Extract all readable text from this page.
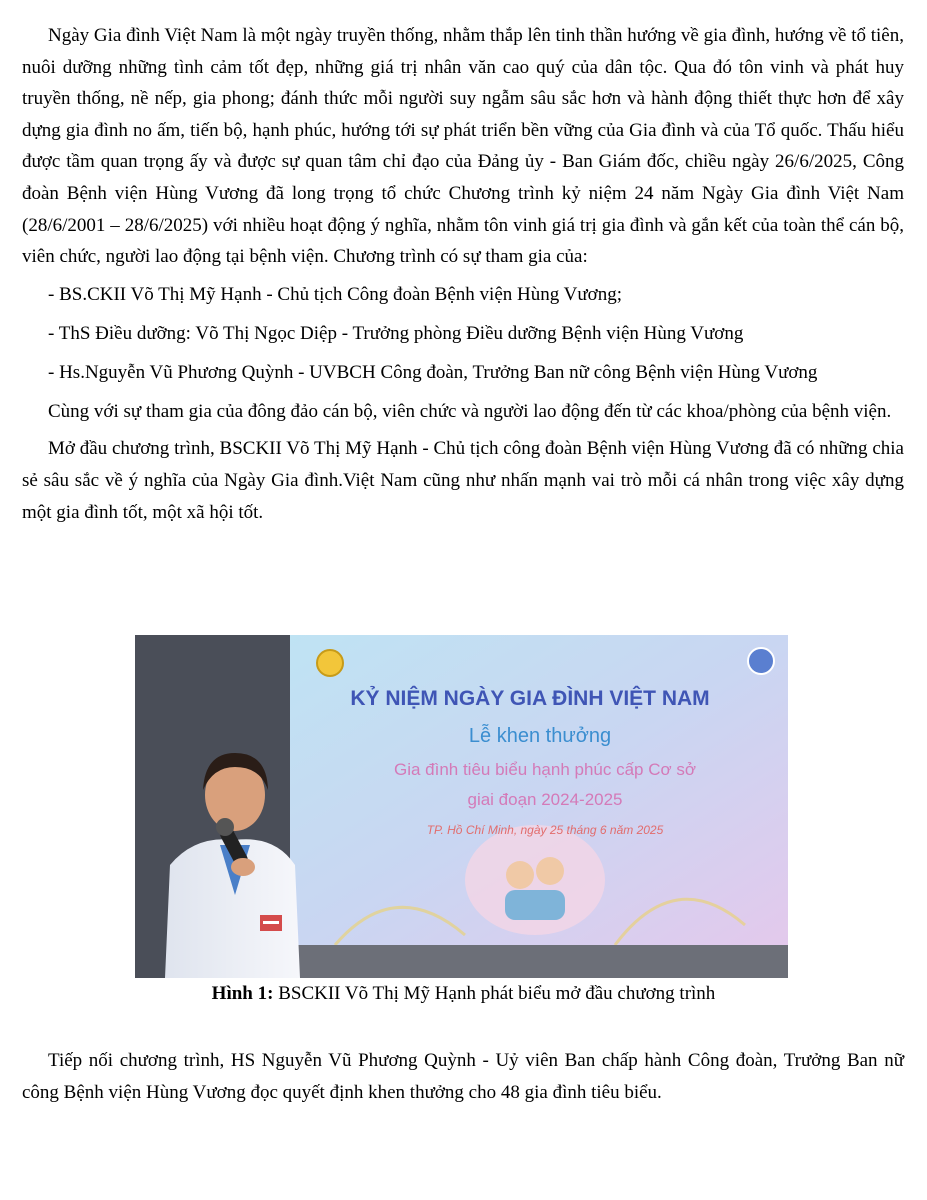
Ngày Gia đình Việt Nam là một ngày truyền thống, nhằm thắp lên tinh thần hướng về gia đình, hướng về tổ tiên, nuôi dưỡng những tình cảm tốt đẹp, những giá trị nhân văn cao quý của dân tộc. Qua đó tôn vinh và phát huy truyền thống, nề nếp, gia phong; đánh thức mỗi người suy ngẫm sâu sắc hơn và hành động thiết thực hơn để xây dựng gia đình no ấm, tiến bộ, hạnh phúc, hướng tới sự phát triển bền vững của Gia đình và của Tổ quốc. Thấu hiểu được tầm quan trọng ấy và được sự quan tâm chỉ đạo của Đảng ủy - Ban Giám đốc, chiều ngày 26/6/2025, Công đoàn Bệnh viện Hùng Vương đã long trọng tổ chức Chương trình kỷ niệm 24 năm Ngày Gia đình Việt Nam (28/6/2001 – 28/6/2025) với nhiều hoạt động ý nghĩa, nhằm tôn vinh giá trị gia đình và gắn kết của toàn thể cán bộ, viên chức, người lao động tại bệnh viện. Chương trình có sự tham gia của:

- BS.CKII Võ Thị Mỹ Hạnh - Chủ tịch Công đoàn Bệnh viện Hùng Vương;

- ThS Điều dưỡng: Võ Thị Ngọc Diệp - Trưởng phòng Điều dưỡng Bệnh viện Hùng Vương

- Hs.Nguyễn Vũ Phương Quỳnh - UVBCH Công đoàn, Trưởng Ban nữ công Bệnh viện Hùng Vương

Cùng với sự tham gia của đông đảo cán bộ, viên chức và người lao động đến từ các khoa/phòng của bệnh viện.

Mở đầu chương trình, BSCKII Võ Thị Mỹ Hạnh - Chủ tịch công đoàn Bệnh viện Hùng Vương đã có những chia sẻ sâu sắc về ý nghĩa của Ngày Gia đình.Việt Nam cũng như nhấn mạnh vai trò mỗi cá nhân trong việc xây dựng một gia đình tốt, một xã hội tốt.

KỶ NIỆM NGÀY GIA ĐÌNH VIỆT NAM
Lễ khen thưởng
Gia đình tiêu biểu hạnh phúc cấp Cơ sở
giai đoạn 2024-2025
TP. Hồ Chí Minh, ngày 25 tháng 6 năm 2025
Hình 1: BSCKII Võ Thị Mỹ Hạnh phát biểu mở đầu chương trình

Tiếp nối chương trình, HS Nguyễn Vũ Phương Quỳnh - Uỷ viên Ban chấp hành Công đoàn, Trưởng Ban nữ công Bệnh viện Hùng Vương đọc quyết định khen thưởng cho 48 gia đình tiêu biểu.
